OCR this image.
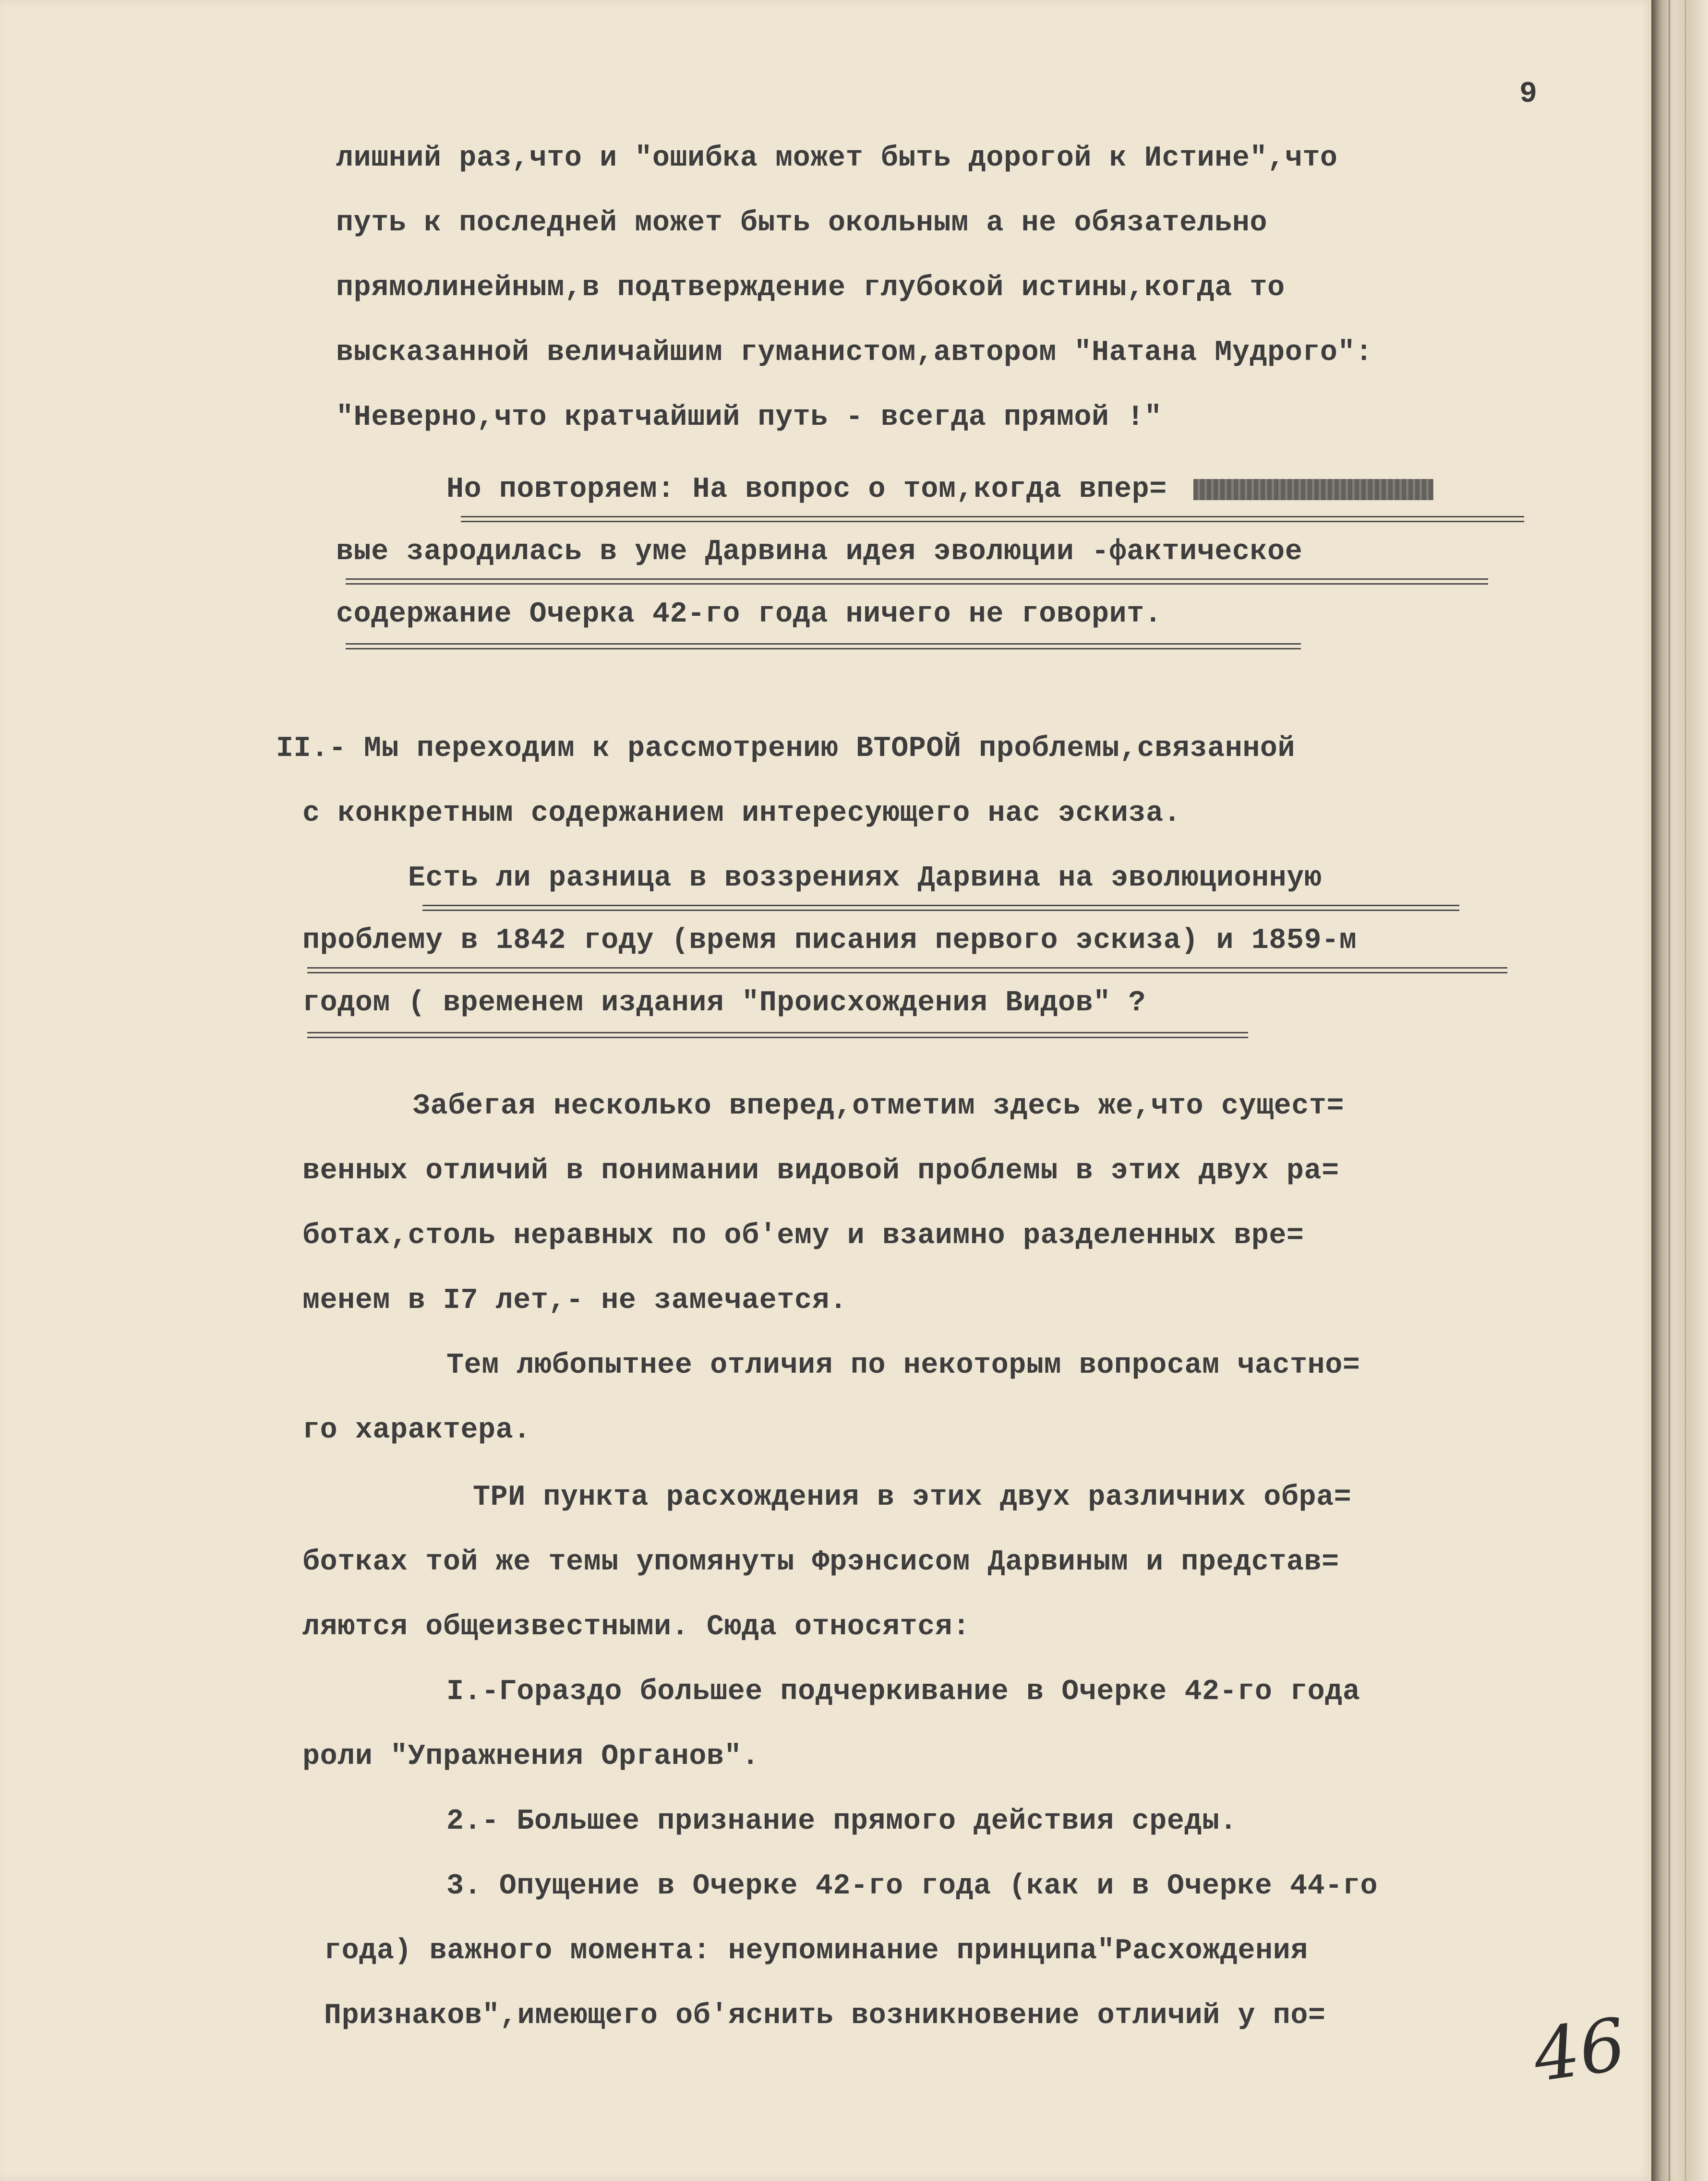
9

лишний раз,что и "ошибка может быть дорогой к Истине",что

путь к последней может быть окольным а не обязательно

прямолинейным,в подтверждение глубокой истины,когда то

высказанной величайшим гуманистом,автором "Натана Мудрого":

"Неверно,что кратчайший путь - всегда прямой !"

Но повторяем: На вопрос о том,когда впер=

вые зародилась в уме Дарвина идея эволюции -фактическое

содержание Очерка 42-го года ничего не говорит.

II.- Мы переходим к рассмотрению ВТОРОЙ проблемы,связанной

с конкретным содержанием интересующего нас эскиза.

Есть ли разница в воззрениях Дарвина на эволюционную

проблему в 1842 году (время писания первого эскиза) и 1859-м

годом ( временем издания "Происхождения Видов" ?

Забегая несколько вперед,отметим здесь же,что сущест=

венных отличий в понимании видовой проблемы в этих двух ра=

ботах,столь неравных по об'ему и взаимно разделенных вре=

менем в I7 лет,- не замечается.

Тем любопытнее отличия по некоторым вопросам частно=

го характера.

ТРИ пункта расхождения в этих двух различних обра=

ботках той же темы упомянуты Фрэнсисом Дарвиным и представ=

ляются общеизвестными. Сюда относятся:

I.-Гораздо большее подчеркивание в Очерке 42-го года

роли "Упражнения Органов".

2.- Большее признание прямого действия среды.

3. Опущение в Очерке 42-го года (как и в Очерке 44-го

года) важного момента: неупоминание принципа"Расхождения

Признаков",имеющего об'яснить возникновение отличий у по=	46
